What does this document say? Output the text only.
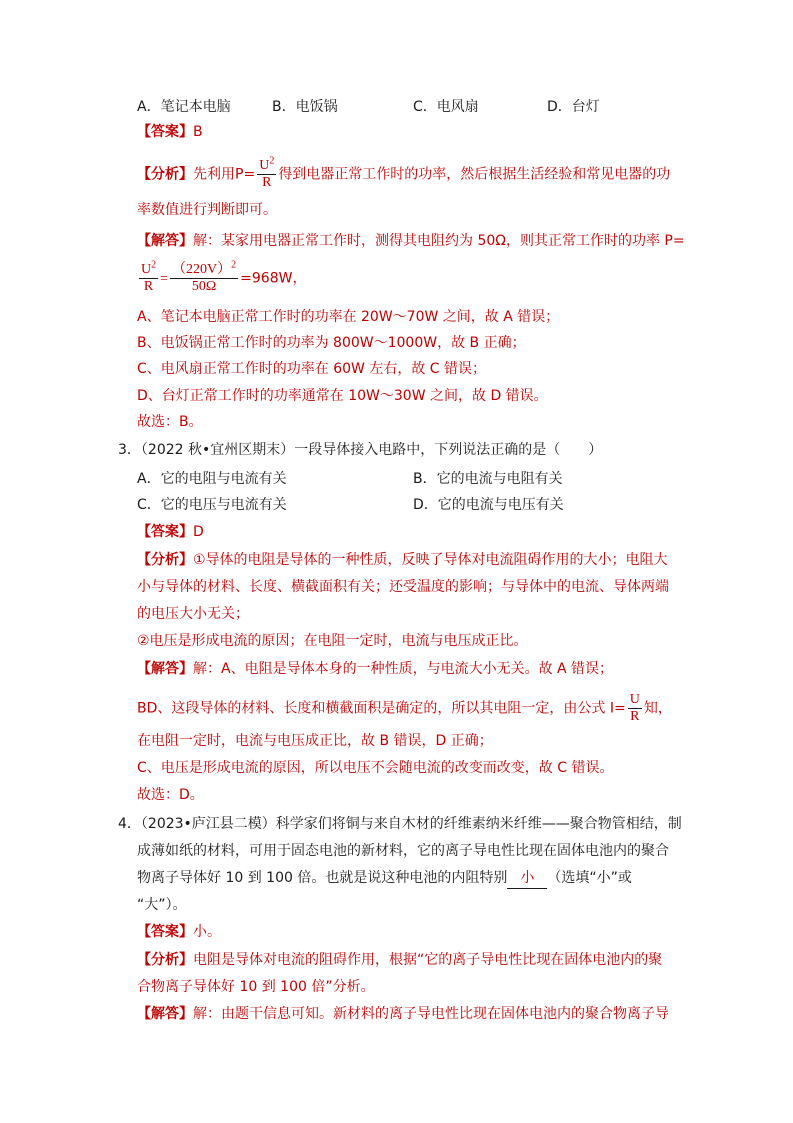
A．笔记本电脑	B．电饭锅	C．电风扇	D．台灯
【答案】B
【分析】先利用$P= \frac{U^2}{R}$ 得到电器正常工作时的功率，然后根据生活经验和常见电器的功
率数值进行判断即可。
【解答】解：某家用电器正常工作时，测得其电阻约为 50Ω，则其正常工作时的功率 P=
$\frac{U^2}{R} = \frac{(220V)^2}{50\Omega} =968W$，
A、笔记本电脑正常工作时的功率在 20W～70W 之间，故 A 错误；
B、电饭锅正常工作时的功率为 800W～1000W，故 B 正确；
C、电风扇正常工作时的功率在 60W 左右，故 C 错误；
D、台灯正常工作时的功率通常在 10W～30W 之间，故 D 错误。
故选：B。
3．（2022 秋•宜州区期末）一段导体接入电路中，下列说法正确的是（　　）
A．它的电阻与电流有关	B．它的电流与电阻有关
C．它的电压与电流有关	D．它的电流与电压有关
【答案】D
【分析】①导体的电阻是导体的一种性质，反映了导体对电流阻碍作用的大小；电阻大
小与导体的材料、长度、横截面积有关；还受温度的影响；与导体中的电流、导体两端
的电压大小无关；
②电压是形成电流的原因；在电阻一定时，电流与电压成正比。
【解答】解：A、电阻是导体本身的一种性质，与电流大小无关。故 A 错误；
BD、这段导体的材料、长度和横截面积是确定的，所以其电阻一定，由公式 $I= \frac{U}{R}$ 知，
在电阻一定时，电流与电压成正比，故 B 错误，D 正确；
C、电压是形成电流的原因，所以电压不会随电流的改变而改变，故 C 错误。
故选：D。
4．（2023•庐江县二模）科学家们将铜与来自木材的纤维素纳米纤维——聚合物管相结，制
成薄如纸的材料，可用于固态电池的新材料，它的离子导电性比现在固体电池内的聚合
物离子导体好 10 到 100 倍。也就是说这种电池的内阻特别 小 （选填“小”或
“大”）。
【答案】小。
【分析】电阻是导体对电流的阻碍作用，根据“它的离子导电性比现在固体电池内的聚
合物离子导体好 10 到 100 倍”分析。
【解答】解：由题干信息可知。新材料的离子导电性比现在固体电池内的聚合物离子导
